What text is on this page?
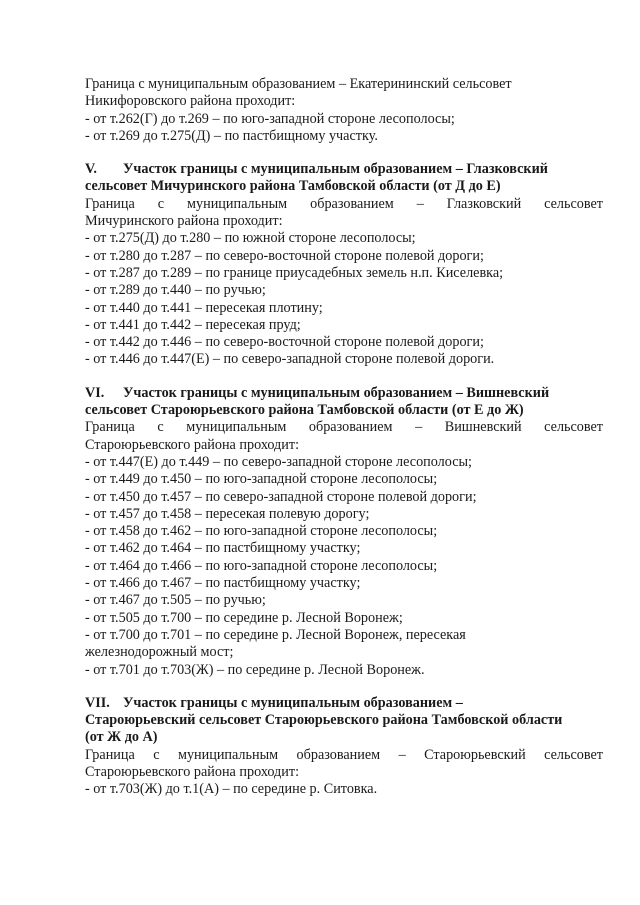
Граница с муниципальным образованием – Екатерининский сельсовет
Никифоровского района проходит:
- от т.262(Г) до т.269 – по юго-западной стороне лесополосы;
- от т.269 до т.275(Д) – по пастбищному участку.
V. Участок границы с муниципальным образованием – Глазковский
сельсовет Мичуринского района Тамбовской области (от Д до Е)
Граница с муниципальным образованием – Глазковский сельсовет
Мичуринского района проходит:
- от т.275(Д) до т.280 – по южной стороне лесополосы;
- от т.280 до т.287 – по северо-восточной стороне полевой дороги;
- от т.287 до т.289 – по границе приусадебных земель н.п. Киселевка;
- от т.289 до т.440 – по ручью;
- от т.440 до т.441 – пересекая плотину;
- от т.441 до т.442 – пересекая пруд;
- от т.442 до т.446 – по северо-восточной стороне полевой дороги;
- от т.446 до т.447(Е) – по северо-западной стороне полевой дороги.
VI. Участок границы с муниципальным образованием – Вишневский
сельсовет Староюрьевского района Тамбовской области (от Е до Ж)
Граница с муниципальным образованием – Вишневский сельсовет
Староюрьевского района проходит:
- от т.447(Е) до т.449 – по северо-западной стороне лесополосы;
- от т.449 до т.450 – по юго-западной стороне лесополосы;
- от т.450 до т.457 – по северо-западной стороне полевой дороги;
- от т.457 до т.458 – пересекая полевую дорогу;
- от т.458 до т.462 – по юго-западной стороне лесополосы;
- от т.462 до т.464 – по пастбищному участку;
- от т.464 до т.466 – по юго-западной стороне лесополосы;
- от т.466 до т.467 – по пастбищному участку;
- от т.467 до т.505 – по ручью;
- от т.505 до т.700 – по середине р. Лесной Воронеж;
- от т.700 до т.701 – по середине р. Лесной Воронеж, пересекая
железнодорожный мост;
- от т.701 до т.703(Ж) – по середине р. Лесной Воронеж.
VII. Участок границы с муниципальным образованием –
Староюрьевский сельсовет Староюрьевского района Тамбовской области
(от Ж до А)
Граница с муниципальным образованием – Староюрьевский сельсовет
Староюрьевского района проходит:
- от т.703(Ж) до т.1(А) – по середине р. Ситовка.
